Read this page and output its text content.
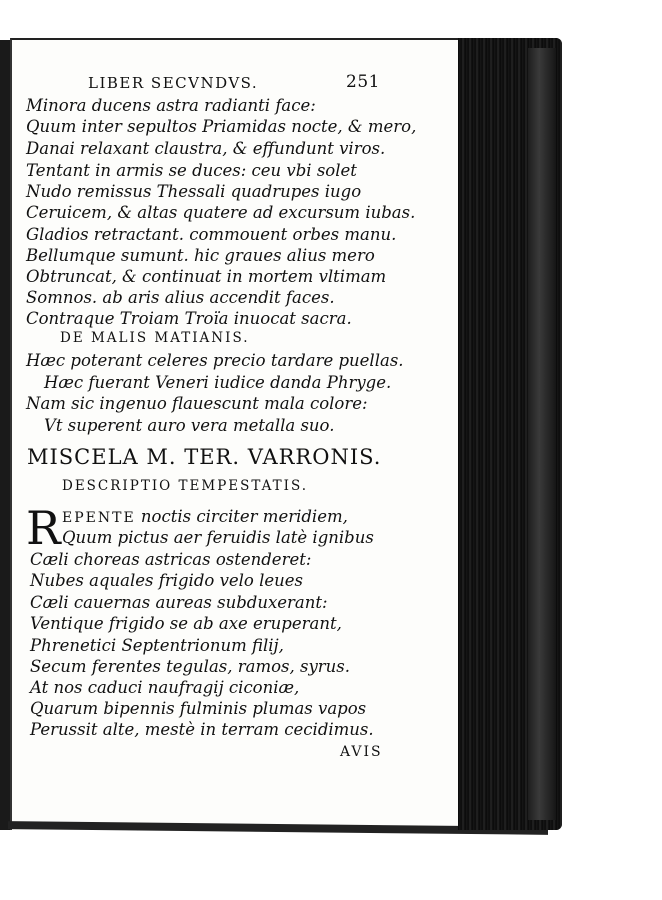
LIBER SECVNDVS.	251
Minora ducens astra radianti face:
Quum inter sepultos Priamidas nocte, & mero,
Danai relaxant claustra, & effundunt viros.
Tentant in armis se duces: ceu vbi solet
Nudo remissus Thessali quadrupes iugo
Ceruicem, & altas quatere ad excursum iubas.
Gladios retractant. commouent orbes manu.
Bellumque sumunt. hic graues alius mero
Obtruncat, & continuat in mortem vltimam
Somnos. ab aris alius accendit faces.
Contraque Troiam Troïa inuocat sacra.
DE MALIS MATIANIS.
Hæc poterant celeres precio tardare puellas.
Hæc fuerant Veneri iudice danda Phryge.
Nam sic ingenuo flauescunt mala colore:
Vt superent auro vera metalla suo.
MISCELA M. TER. VARRONIS.
DESCRIPTIO TEMPESTATIS.
R EPENTE noctis circiter meridiem,
Quum pictus aer feruidis latè ignibus
Cæli choreas astricas ostenderet:
Nubes aquales frigido velo leues
Cæli cauernas aureas subduxerant:
Ventique frigido se ab axe eruperant,
Phrenetici Septentrionum filij,
Secum ferentes tegulas, ramos, syrus.
At nos caduci naufragij ciconiæ,
Quarum bipennis fulminis plumas vapos
Perussit alte, mestè in terram cecidimus.
AVIS
